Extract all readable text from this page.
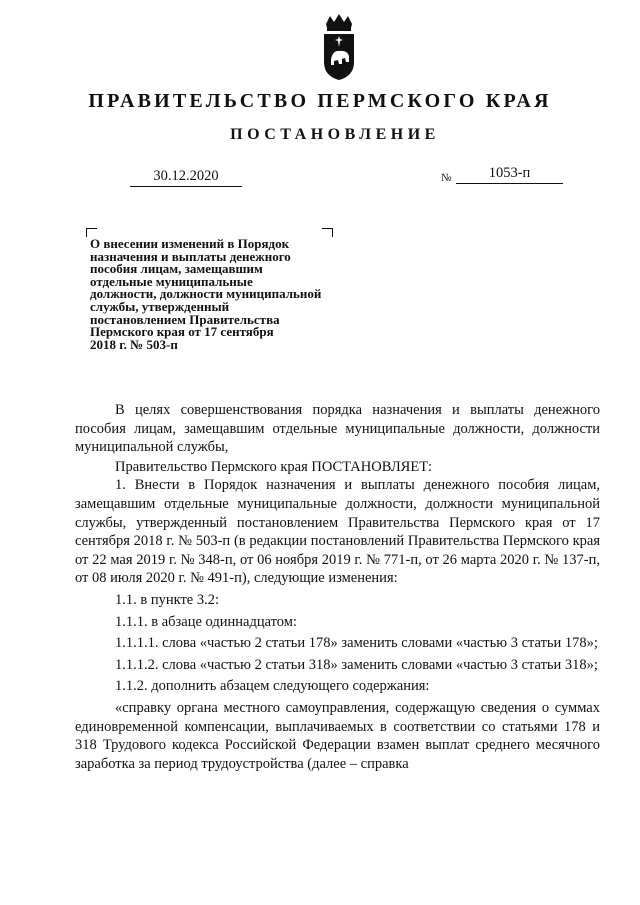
ПРАВИТЕЛЬСТВО ПЕРМСКОГО КРАЯ
ПОСТАНОВЛЕНИЕ
30.12.2020	№	1053-п
О внесении изменений в Порядок
назначения и выплаты денежного
пособия лицам, замещавшим
отдельные муниципальные
должности, должности муниципальной
службы, утвержденный
постановлением Правительства
Пермского края от 17 сентября
2018 г. № 503-п

В целях совершенствования порядка назначения и выплаты денежного пособия лицам, замещавшим отдельные муниципальные должности, должности муниципальной службы,

Правительство Пермского края ПОСТАНОВЛЯЕТ:

1. Внести в Порядок назначения и выплаты денежного пособия лицам, замещавшим отдельные муниципальные должности, должности муниципальной службы, утвержденный постановлением Правительства Пермского края от 17 сентября 2018 г. № 503-п (в редакции постановлений Правительства Пермского края от 22 мая 2019 г. № 348-п, от 06 ноября 2019 г. № 771-п, от 26 марта 2020 г. № 137-п, от 08 июля 2020 г. № 491-п), следующие изменения:

1.1. в пункте 3.2:

1.1.1. в абзаце одиннадцатом:

1.1.1.1. слова «частью 2 статьи 178» заменить словами «частью 3 статьи 178»;

1.1.1.2. слова «частью 2 статьи 318» заменить словами «частью 3 статьи 318»;

1.1.2. дополнить абзацем следующего содержания:

«справку органа местного самоуправления, содержащую сведения о суммах единовременной компенсации, выплачиваемых в соответствии со статьями 178 и 318 Трудового кодекса Российской Федерации взамен выплат среднего месячного заработка за период трудоустройства (далее – справка
